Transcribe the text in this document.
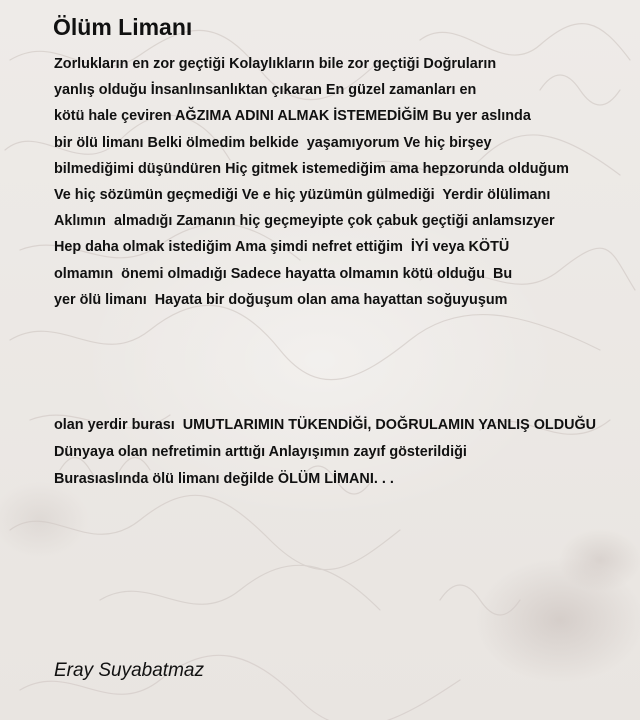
Ölüm Limanı
Zorlukların en zor geçtiği Kolaylıkların bile zor geçtiği Doğruların
yanlış olduğu İnsanlınsanlıktan çıkaran En güzel zamanları en
kötü hale çeviren AĞZIMA ADINI ALMAK İSTEMEDİĞİM Bu yer aslında
bir ölü limanı Belki ölmedim belkide  yaşamıyorum Ve hiç birşey
bilmediğimi düşündüren Hiç gitmek istemediğim ama hepzorunda olduğum
Ve hiç sözümün geçmediği Ve e hiç yüzümün gülmediği  Yerdir ölülimanı
Aklımın  almadığı Zamanın hiç geçmeyipte çok çabuk geçtiği anlamsızyer
Hep daha olmak istediğim Ama şimdi nefret ettiğim  İYİ veya KÖTÜ
olmamın  önemi olmadığı Sadece hayatta olmamın kötü olduğu  Bu
yer ölü limanı  Hayata bir doğuşum olan ama hayattan soğuyuşum
olan yerdir burası  UMUTLARIMIN TÜKENDİĞİ, DOĞRULAMIN YANLIŞ OLDUĞU
Dünyaya olan nefretimin arttığı Anlayışımın zayıf gösterildiği
Burasıaslında ölü limanı değilde ÖLÜM LİMANI. . .

Eray Suyabatmaz
